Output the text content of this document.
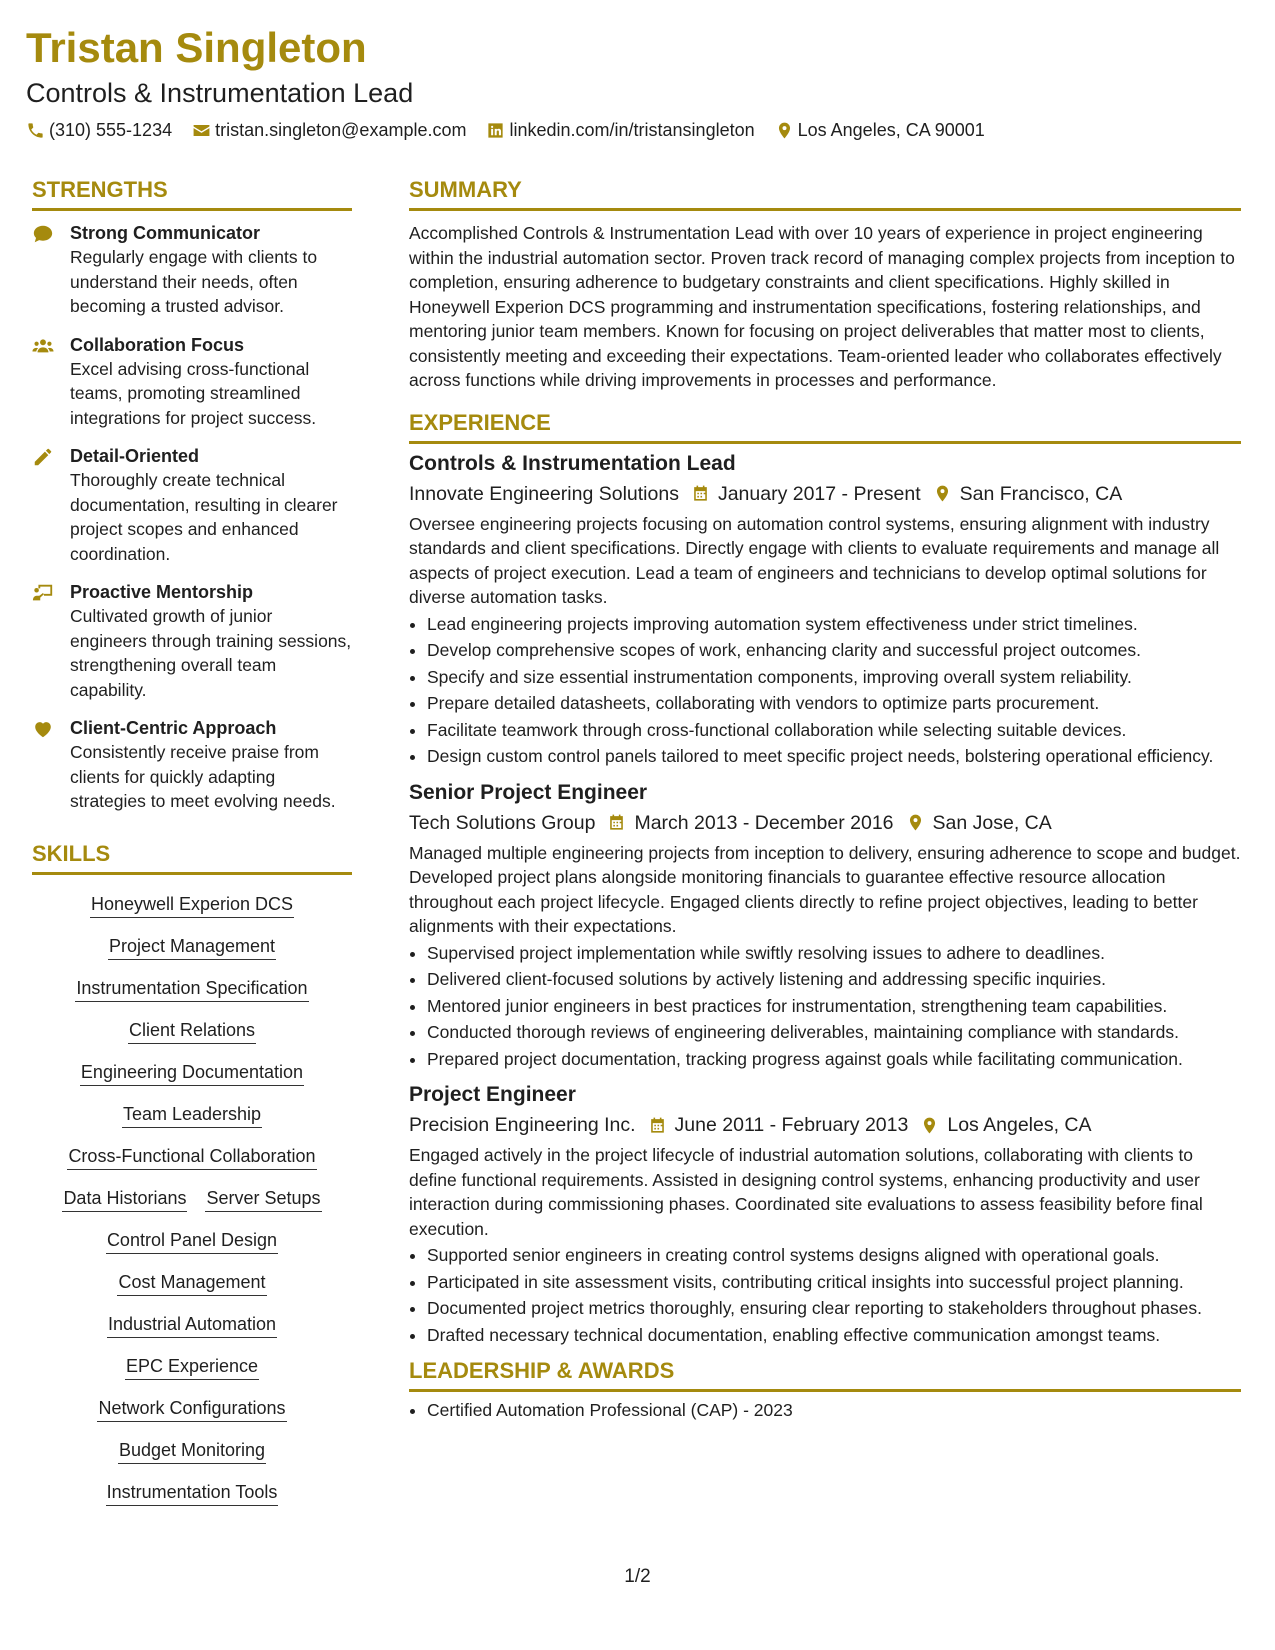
Tristan Singleton
Controls & Instrumentation Lead
(310) 555-1234 tristan.singleton@example.com linkedin.com/in/tristansingleton Los Angeles, CA 90001
STRENGTHS
Strong Communicator
Regularly engage with clients to understand their needs, often becoming a trusted advisor.
Collaboration Focus
Excel advising cross-functional teams, promoting streamlined integrations for project success.
Detail-Oriented
Thoroughly create technical documentation, resulting in clearer project scopes and enhanced coordination.
Proactive Mentorship
Cultivated growth of junior engineers through training sessions, strengthening overall team capability.
Client-Centric Approach
Consistently receive praise from clients for quickly adapting strategies to meet evolving needs.
SKILLS
Honeywell Experion DCS
Project Management
Instrumentation Specification
Client Relations
Engineering Documentation
Team Leadership
Cross-Functional Collaboration
Data Historians Server Setups
Control Panel Design
Cost Management
Industrial Automation
EPC Experience
Network Configurations
Budget Monitoring
Instrumentation Tools
SUMMARY
Accomplished Controls & Instrumentation Lead with over 10 years of experience in project engineering within the industrial automation sector. Proven track record of managing complex projects from inception to completion, ensuring adherence to budgetary constraints and client specifications. Highly skilled in Honeywell Experion DCS programming and instrumentation specifications, fostering relationships, and mentoring junior team members. Known for focusing on project deliverables that matter most to clients, consistently meeting and exceeding their expectations. Team-oriented leader who collaborates effectively across functions while driving improvements in processes and performance.
EXPERIENCE
Controls & Instrumentation Lead
Innovate Engineering Solutions January 2017 - Present San Francisco, CA
Oversee engineering projects focusing on automation control systems, ensuring alignment with industry standards and client specifications. Directly engage with clients to evaluate requirements and manage all aspects of project execution. Lead a team of engineers and technicians to develop optimal solutions for diverse automation tasks.
• Lead engineering projects improving automation system effectiveness under strict timelines.
• Develop comprehensive scopes of work, enhancing clarity and successful project outcomes.
• Specify and size essential instrumentation components, improving overall system reliability.
• Prepare detailed datasheets, collaborating with vendors to optimize parts procurement.
• Facilitate teamwork through cross-functional collaboration while selecting suitable devices.
• Design custom control panels tailored to meet specific project needs, bolstering operational efficiency.
Senior Project Engineer
Tech Solutions Group March 2013 - December 2016 San Jose, CA
Managed multiple engineering projects from inception to delivery, ensuring adherence to scope and budget. Developed project plans alongside monitoring financials to guarantee effective resource allocation throughout each project lifecycle. Engaged clients directly to refine project objectives, leading to better alignments with their expectations.
• Supervised project implementation while swiftly resolving issues to adhere to deadlines.
• Delivered client-focused solutions by actively listening and addressing specific inquiries.
• Mentored junior engineers in best practices for instrumentation, strengthening team capabilities.
• Conducted thorough reviews of engineering deliverables, maintaining compliance with standards.
• Prepared project documentation, tracking progress against goals while facilitating communication.
Project Engineer
Precision Engineering Inc. June 2011 - February 2013 Los Angeles, CA
Engaged actively in the project lifecycle of industrial automation solutions, collaborating with clients to define functional requirements. Assisted in designing control systems, enhancing productivity and user interaction during commissioning phases. Coordinated site evaluations to assess feasibility before final execution.
• Supported senior engineers in creating control systems designs aligned with operational goals.
• Participated in site assessment visits, contributing critical insights into successful project planning.
• Documented project metrics thoroughly, ensuring clear reporting to stakeholders throughout phases.
• Drafted necessary technical documentation, enabling effective communication amongst teams.
LEADERSHIP & AWARDS
• Certified Automation Professional (CAP) - 2023
1/2
